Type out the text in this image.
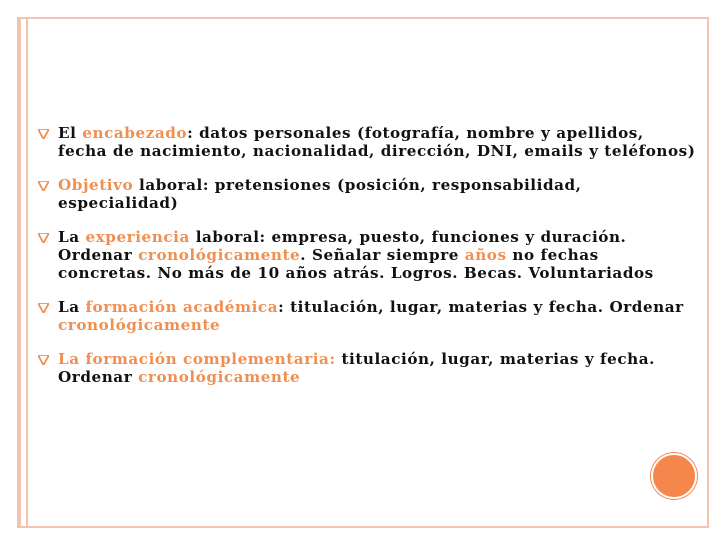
El encabezado: datos personales (fotografía, nombre y apellidos, fecha de nacimiento, nacionalidad, dirección, DNI, emails y teléfonos)
Objetivo laboral: pretensiones (posición, responsabilidad, especialidad)
La experiencia laboral: empresa, puesto, funciones y duración. Ordenar cronológicamente. Señalar siempre años no fechas concretas. No más de 10 años atrás. Logros. Becas. Voluntariados
La formación académica: titulación, lugar, materias y fecha. Ordenar cronológicamente
La formación complementaria: titulación, lugar, materias y fecha. Ordenar cronológicamente
